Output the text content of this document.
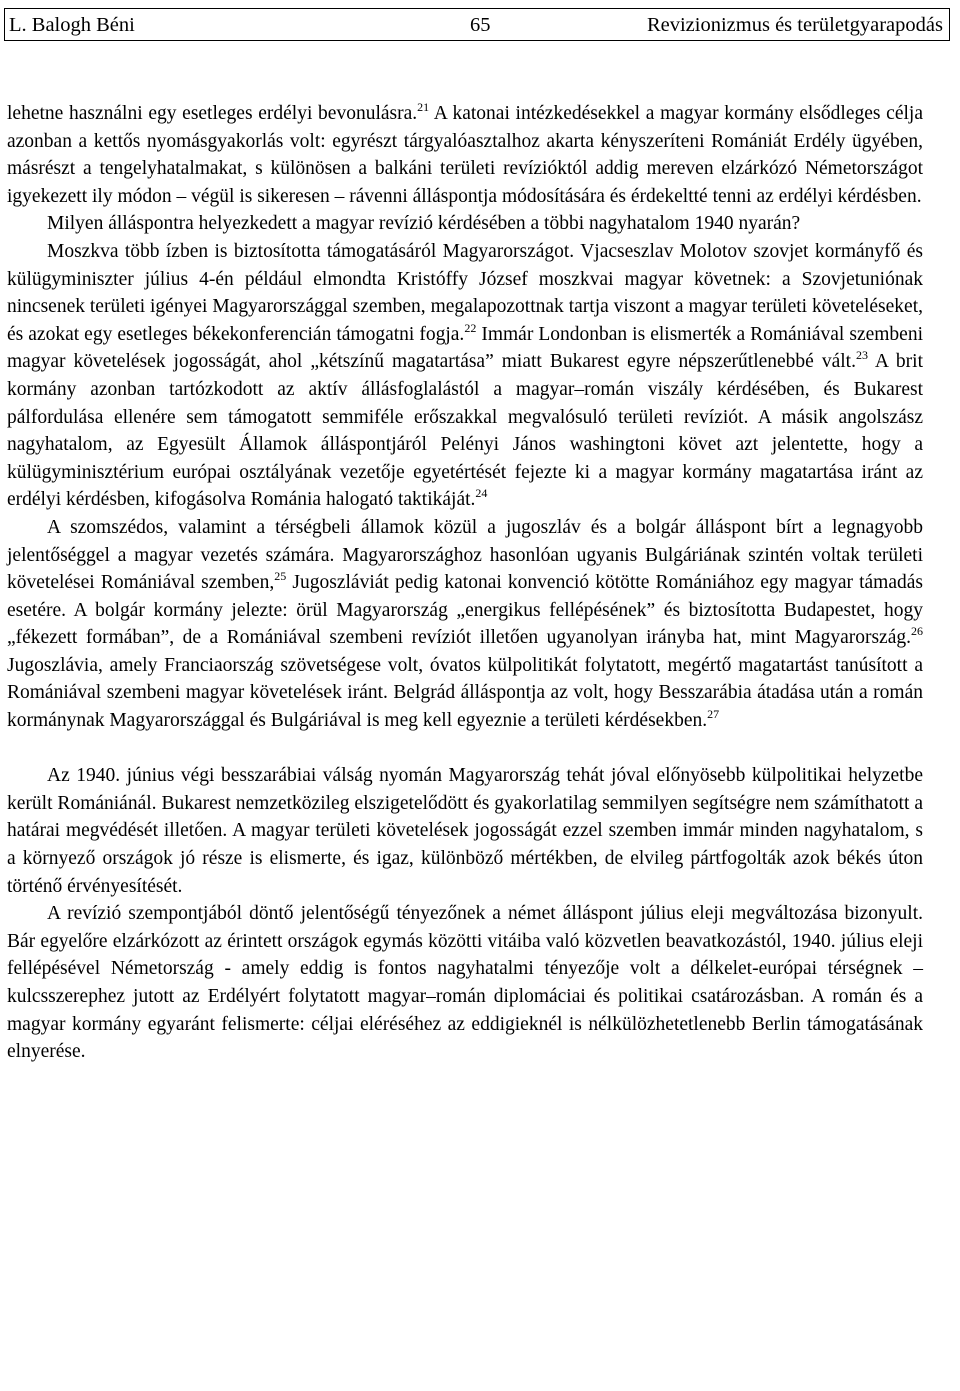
L. Balogh Béni	65	Revizionizmus és területgyarapodás

lehetne használni egy esetleges erdélyi bevonulásra.$^{21}$ A katonai intézkedésekkel a magyar kormány elsődleges célja azonban a kettős nyomásgyakorlás volt: egyrészt tárgyalóasztalhoz akarta kényszeríteni Romániát Erdély ügyében, másrészt a tengelyhatalmakat, s különösen a balkáni területi revízióktól addig mereven elzárkózó Németországot igyekezett ily módon – végül is sikeresen – rávenni álláspontja módosítására és érdekeltté tenni az erdélyi kérdésben.

Milyen álláspontra helyezkedett a magyar revízió kérdésében a többi nagyhatalom 1940 nyarán?

Moszkva több ízben is biztosította támogatásáról Magyarországot. Vjacseszlav Molotov szovjet kormányfő és külügyminiszter július 4-én például elmondta Kristóffy József moszkvai magyar követnek: a Szovjetuniónak nincsenek területi igényei Magyarországgal szemben, megalapozottnak tartja viszont a magyar területi követeléseket, és azokat egy esetleges békekonferencián támogatni fogja.$^{22}$ Immár Londonban is elismerték a Romániával szembeni magyar követelések jogosságát, ahol „kétszínű magatartása” miatt Bukarest egyre népszerűtlenebbé vált.$^{23}$ A brit kormány azonban tartózkodott az aktív állásfoglalástól a magyar–román viszály kérdésében, és Bukarest pálfordulása ellenére sem támogatott semmiféle erőszakkal megvalósuló területi revíziót. A másik angolszász nagyhatalom, az Egyesült Államok álláspontjáról Pelényi János washingtoni követ azt jelentette, hogy a külügyminisztérium európai osztályának vezetője egyetértését fejezte ki a magyar kormány magatartása iránt az erdélyi kérdésben, kifogásolva Románia halogató taktikáját.$^{24}$

A szomszédos, valamint a térségbeli államok közül a jugoszláv és a bolgár álláspont bírt a legnagyobb jelentőséggel a magyar vezetés számára. Magyarországhoz hasonlóan ugyanis Bulgáriának szintén voltak területi követelései Romániával szemben,$^{25}$ Jugoszláviát pedig katonai konvenció kötötte Romániához egy magyar támadás esetére. A bolgár kormány jelezte: örül Magyarország „energikus fellépésének” és biztosította Budapestet, hogy „fékezett formában”, de a Romániával szembeni revíziót illetően ugyanolyan irányba hat, mint Magyarország.$^{26}$ Jugoszlávia, amely Franciaország szövetségese volt, óvatos külpolitikát folytatott, megértő magatartást tanúsított a Romániával szembeni magyar követelések iránt. Belgrád álláspontja az volt, hogy Besszarábia átadása után a román kormánynak Magyarországgal és Bulgáriával is meg kell egyeznie a területi kérdésekben.$^{27}$

Az 1940. június végi besszarábiai válság nyomán Magyarország tehát jóval előnyösebb külpolitikai helyzetbe került Romániánál. Bukarest nemzetközileg elszigetelődött és gyakorlatilag semmilyen segítségre nem számíthatott a határai megvédését illetően. A magyar területi követelések jogosságát ezzel szemben immár minden nagyhatalom, s a környező országok jó része is elismerte, és igaz, különböző mértékben, de elvileg pártfogolták azok békés úton történő érvényesítését.

A revízió szempontjából döntő jelentőségű tényezőnek a német álláspont július eleji megváltozása bizonyult. Bár egyelőre elzárkózott az érintett országok egymás közötti vitáiba való közvetlen beavatkozástól, 1940. július eleji fellépésével Németország - amely eddig is fontos nagyhatalmi tényezője volt a délkelet-európai térségnek – kulcsszerephez jutott az Erdélyért folytatott magyar–román diplomáciai és politikai csatározásban. A román és a magyar kormány egyaránt felismerte: céljai eléréséhez az eddigieknél is nélkülözhetetlenebb Berlin támogatásának elnyerése.
